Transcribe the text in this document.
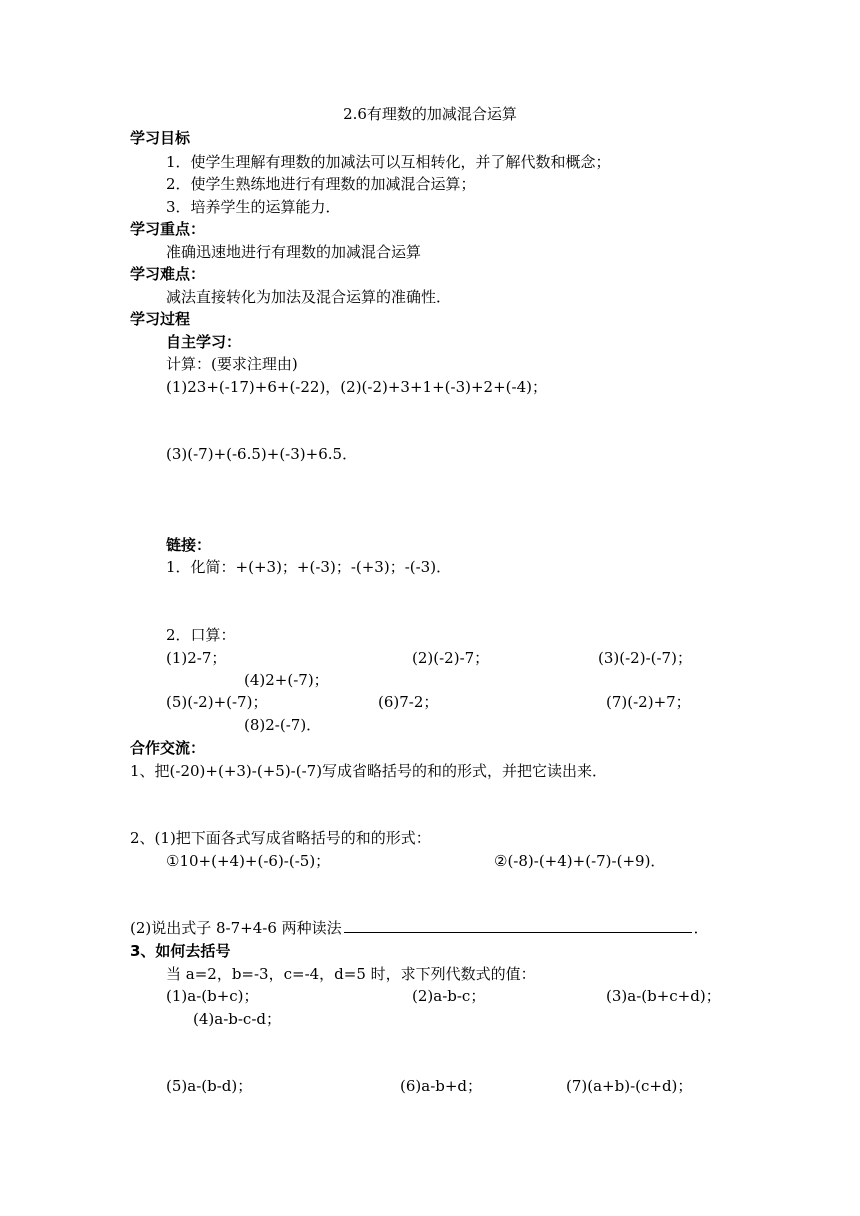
2.6有理数的加减混合运算
学习目标
1．使学生理解有理数的加减法可以互相转化，并了解代数和概念；
2．使学生熟练地进行有理数的加减混合运算；
3．培养学生的运算能力．
学习重点：
准确迅速地进行有理数的加减混合运算
学习难点：
减法直接转化为加法及混合运算的准确性．
学习过程
自主学习：
计算：(要求注理由)
(1)23+(-17)+6+(-22)，(2)(-2)+3+1+(-3)+2+(-4)；
(3)(-7)+(-6.5)+(-3)+6.5．
链接：
1．化简：+(+3)；+(-3)；-(+3)；-(-3)．
2．口算：
(1)2-7；	(2)(-2)-7；	(3)(-2)-(-7)；
(4)2+(-7)；
(5)(-2)+(-7)；	(6)7-2；	(7)(-2)+7；
(8)2-(-7)．
合作交流：
1、把(-20)+(+3)-(+5)-(-7)写成省略括号的和的形式，并把它读出来．
2、(1)把下面各式写成省略括号的和的形式：
①10+(+4)+(-6)-(-5)；	②(-8)-(+4)+(-7)-(+9)．
(2)说出式子 8-7+4-6 两种读法	．
3、如何去括号
当 a=2，b=-3，c=-4，d=5 时，求下列代数式的值：
(1)a-(b+c)；	(2)a-b-c；	(3)a-(b+c+d)；
(4)a-b-c-d；
(5)a-(b-d)；	(6)a-b+d；	(7)(a+b)-(c+d)；
